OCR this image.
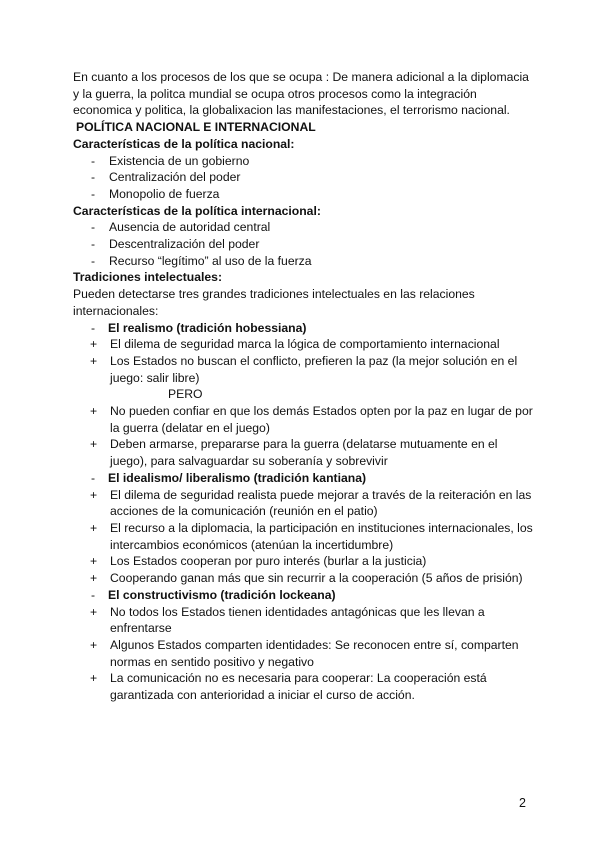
En cuanto a los procesos de los que se ocupa : De manera adicional a la diplomacia y la guerra, la politca mundial se ocupa otros procesos como la integración economica y politica, la globalixacion las manifestaciones, el terrorismo nacional.

POLÍTICA NACIONAL E INTERNACIONAL

Características de la política nacional:

- Existencia de un gobierno
- Centralización del poder
- Monopolio de fuerza

Características de la política internacional:

- Ausencia de autoridad central
- Descentralización del poder
- Recurso “legítimo” al uso de la fuerza

Tradiciones intelectuales:

Pueden detectarse tres grandes tradiciones intelectuales en las relaciones internacionales:

- El realismo (tradición hobessiana)
+ El dilema de seguridad marca la lógica de comportamiento internacional
+ Los Estados no buscan el conflicto, prefieren la paz (la mejor solución en el juego: salir libre)

PERO

+ No pueden confiar en que los demás Estados opten por la paz en lugar de por la guerra (delatar en el juego)
+ Deben armarse, prepararse para la guerra (delatarse mutuamente en el juego), para salvaguardar su soberanía y sobrevivir
- El idealismo/ liberalismo (tradición kantiana)
+ El dilema de seguridad realista puede mejorar a través de la reiteración en las acciones de la comunicación (reunión en el patio)
+ El recurso a la diplomacia, la participación en instituciones internacionales, los intercambios económicos (atenúan la incertidumbre)
+ Los Estados cooperan por puro interés (burlar a la justicia)
+ Cooperando ganan más que sin recurrir a la cooperación (5 años de prisión)
- El constructivismo (tradición lockeana)
+ No todos los Estados tienen identidades antagónicas que les llevan a enfrentarse
+ Algunos Estados comparten identidades: Se reconocen entre sí, comparten normas en sentido positivo y negativo
+ La comunicación no es necesaria para cooperar: La cooperación está garantizada con anterioridad a iniciar el curso de acción.
2
